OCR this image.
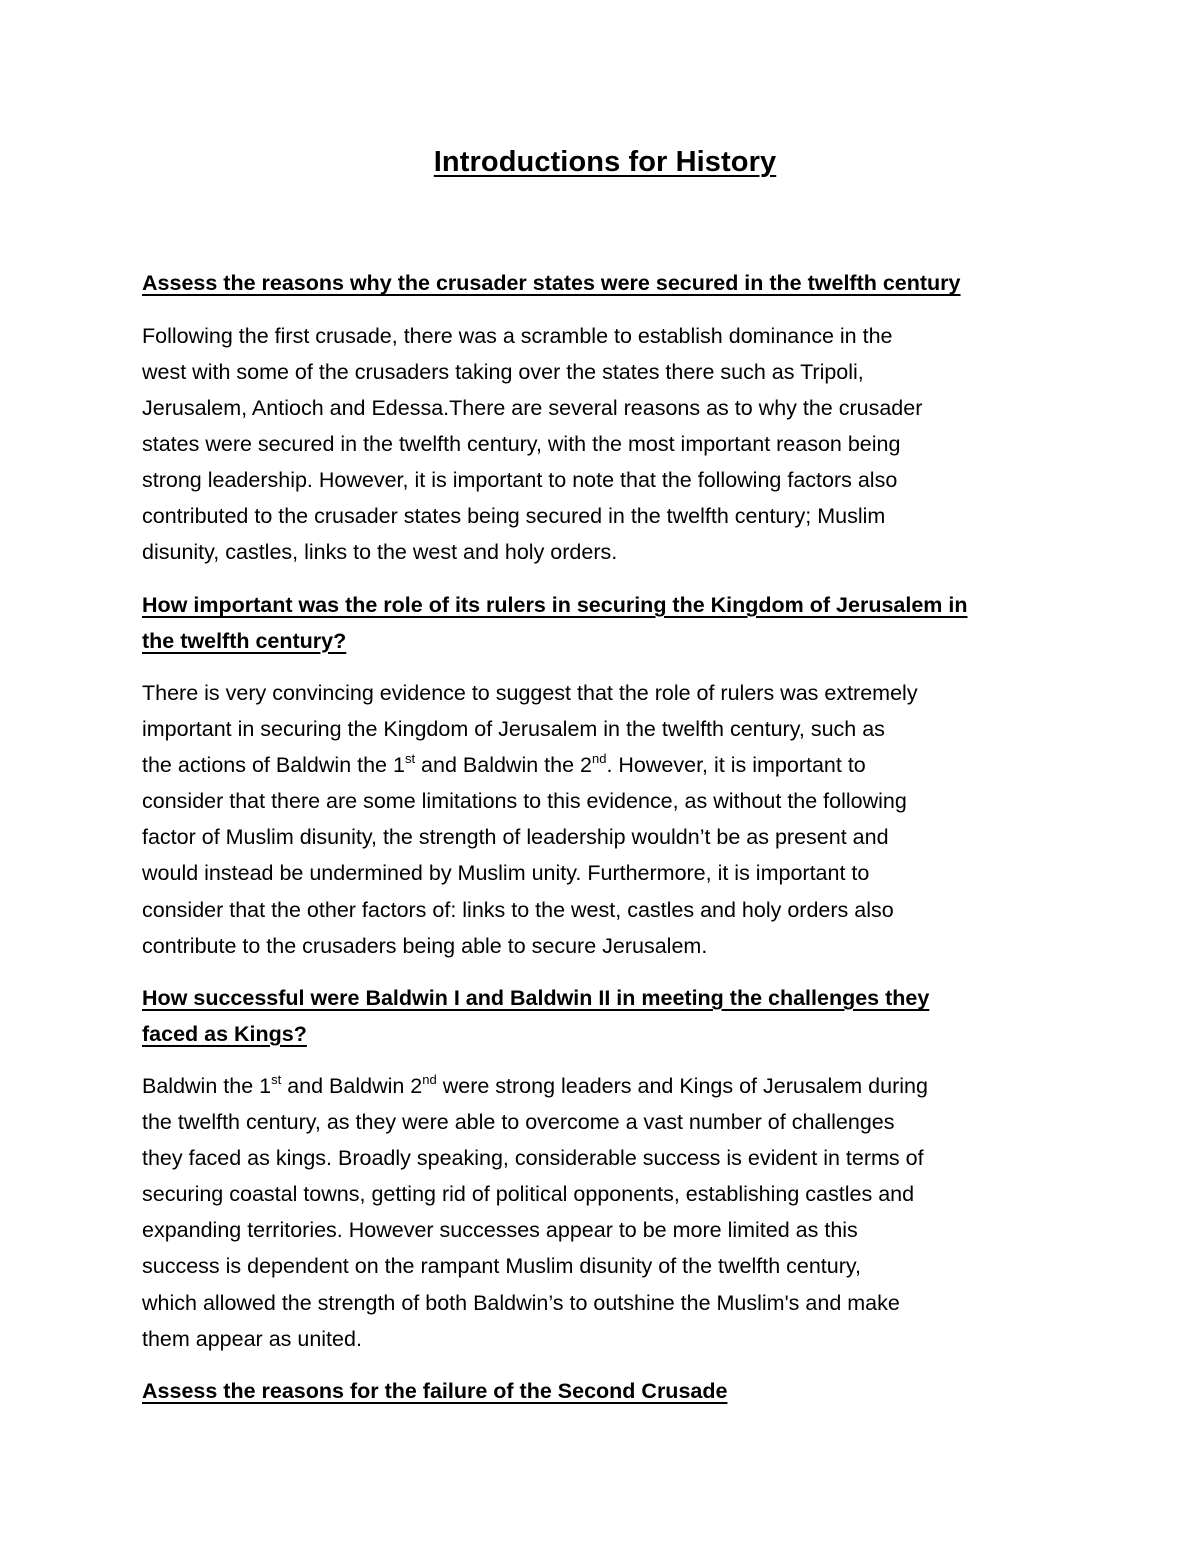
Introductions for History

Assess the reasons why the crusader states were secured in the twelfth century

Following the first crusade, there was a scramble to establish dominance in the
west with some of the crusaders taking over the states there such as Tripoli,
Jerusalem, Antioch and Edessa.There are several reasons as to why the crusader
states were secured in the twelfth century, with the most important reason being
strong leadership. However, it is important to note that the following factors also
contributed to the crusader states being secured in the twelfth century; Muslim
disunity, castles, links to the west and holy orders.

How important was the role of its rulers in securing the Kingdom of Jerusalem in
the twelfth century?

There is very convincing evidence to suggest that the role of rulers was extremely
important in securing the Kingdom of Jerusalem in the twelfth century, such as
the actions of Baldwin the 1st and Baldwin the 2nd. However, it is important to
consider that there are some limitations to this evidence, as without the following
factor of Muslim disunity, the strength of leadership wouldn’t be as present and
would instead be undermined by Muslim unity. Furthermore, it is important to
consider that the other factors of: links to the west, castles and holy orders also
contribute to the crusaders being able to secure Jerusalem.

How successful were Baldwin I and Baldwin II in meeting the challenges they
faced as Kings?

Baldwin the 1st and Baldwin 2nd were strong leaders and Kings of Jerusalem during
the twelfth century, as they were able to overcome a vast number of challenges
they faced as kings. Broadly speaking, considerable success is evident in terms of
securing coastal towns, getting rid of political opponents, establishing castles and
expanding territories. However successes appear to be more limited as this
success is dependent on the rampant Muslim disunity of the twelfth century,
which allowed the strength of both Baldwin’s to outshine the Muslim's and make
them appear as united.

Assess the reasons for the failure of the Second Crusade
